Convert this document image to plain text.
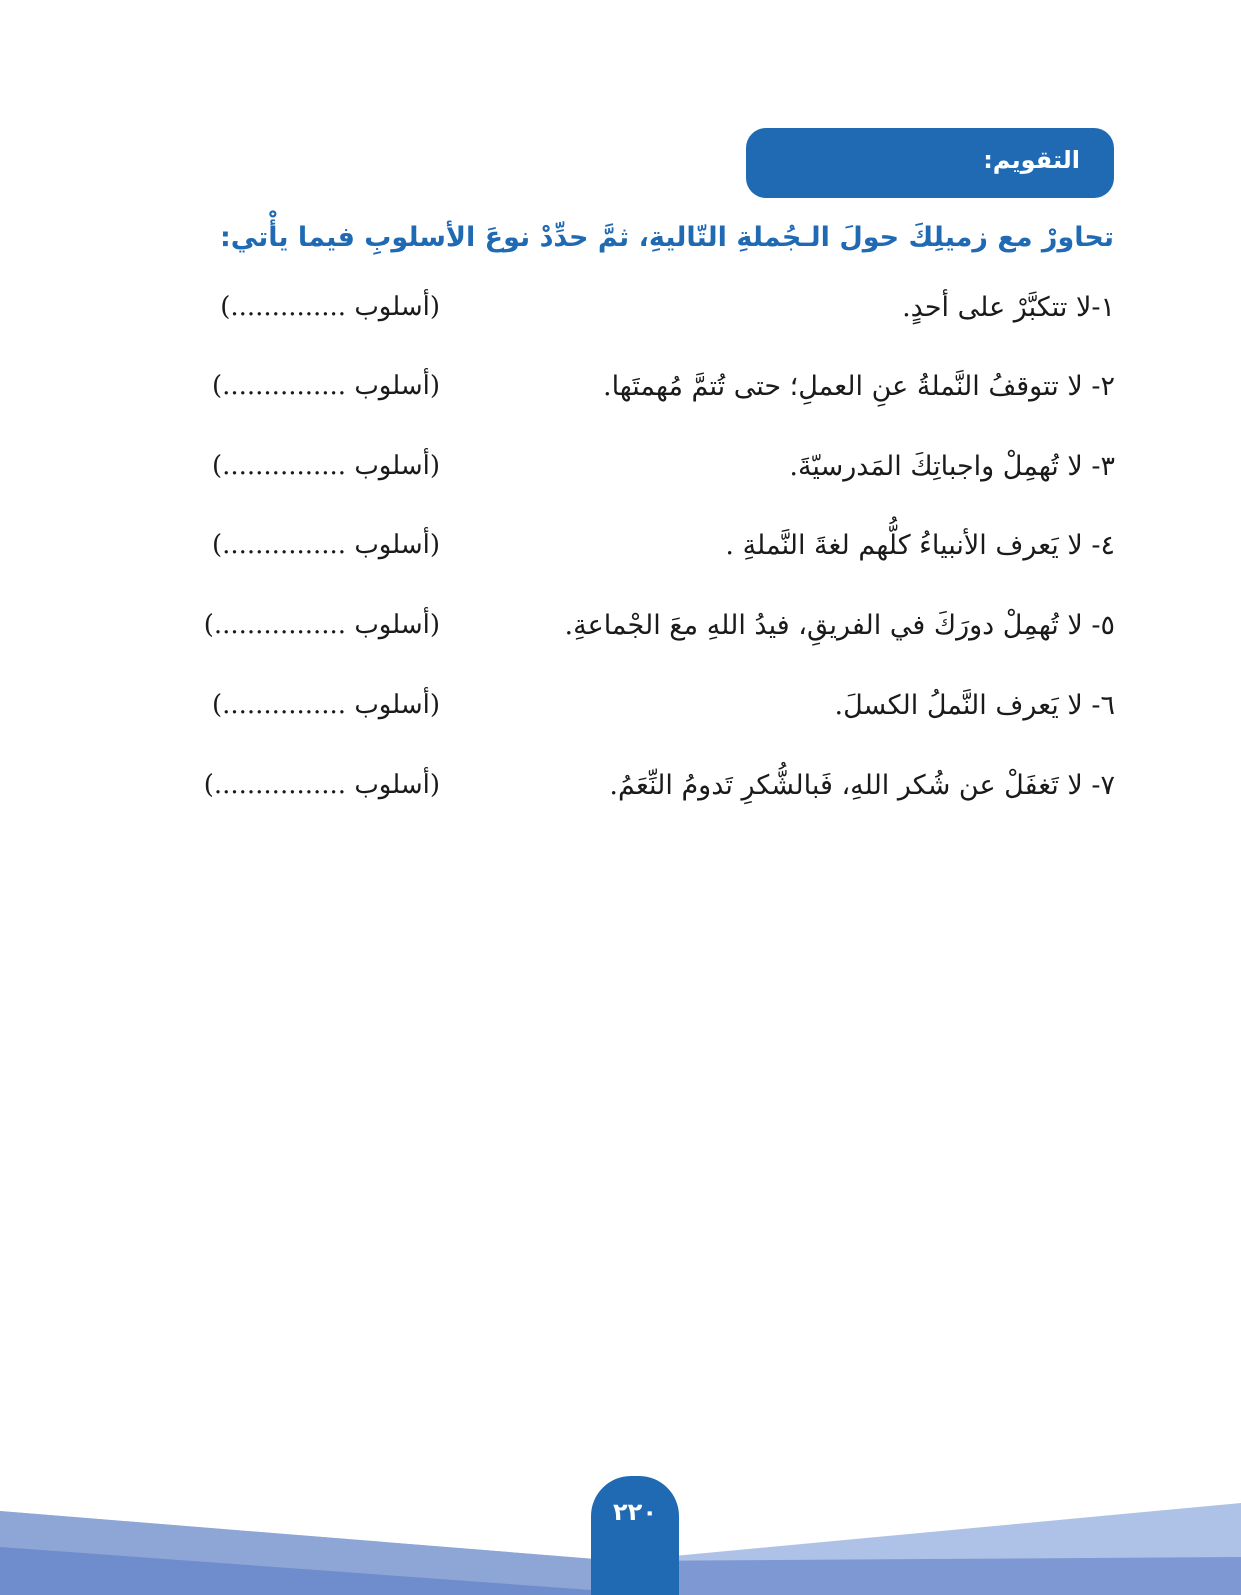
التقويم:
تحاورْ مع زميلِكَ حولَ الـجُملةِ التّاليةِ، ثمَّ حدِّدْ نوعَ الأسلوبِ فيما يأْتي:
١-لا تتكبَّرْ على أحدٍ.
(أسلوب ..............)
٢- لا تتوقفُ النَّملةُ عنِ العملِ؛ حتى تُتمَّ مُهمتَها.
(أسلوب ...............)
٣- لا تُهمِلْ واجباتِكَ المَدرسيّةَ.
(أسلوب ...............)
٤- لا يَعرف الأنبياءُ كلُّهم لغةَ النَّملةِ .
(أسلوب ...............)
٥- لا تُهمِلْ دورَكَ في الفريقِ، فيدُ اللهِ معَ الجْماعةِ.
(أسلوب ................)
٦- لا يَعرف النَّملُ الكسلَ.
(أسلوب ...............)
٧- لا تَغفَلْ عن شُكر اللهِ، فَبالشُّكرِ تَدومُ النِّعَمُ.
(أسلوب ................)
٢٢٠
